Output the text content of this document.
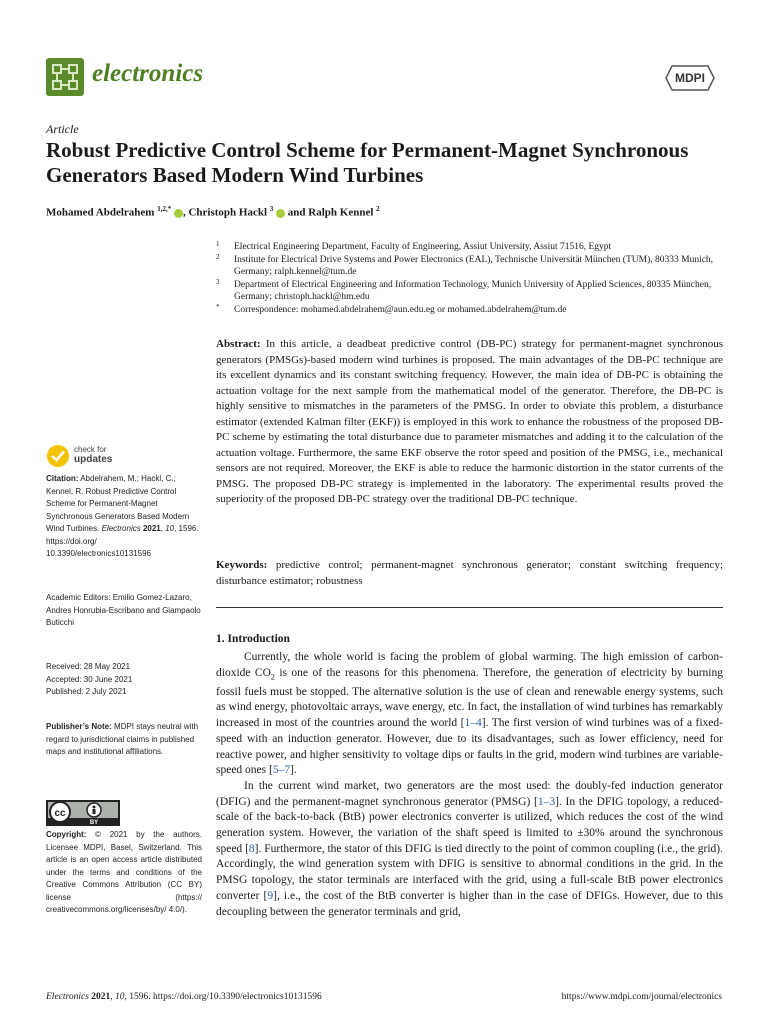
electronics	MDPI
Article
Robust Predictive Control Scheme for Permanent-Magnet Synchronous Generators Based Modern Wind Turbines
Mohamed Abdelrahem $^{1,2,*}$ , Christoph Hackl $^3$  and Ralph Kennel $^2$
1 Electrical Engineering Department, Faculty of Engineering, Assiut University, Assiut 71516, Egypt
2 Institute for Electrical Drive Systems and Power Electronics (EAL), Technische Universität München (TUM), 80333 Munich, Germany; ralph.kennel@tum.de
3 Department of Electrical Engineering and Information Technology, Munich University of Applied Sciences, 80335 München, Germany; christoph.hackl@hm.edu
* Correspondence: mohamed.abdelrahem@aun.edu.eg or mohamed.abdelrahem@tum.de
Abstract: In this article, a deadbeat predictive control (DB-PC) strategy for permanent-magnet synchronous generators (PMSGs)-based modern wind turbines is proposed. The main advantages of the DB-PC technique are its excellent dynamics and its constant switching frequency. However, the main idea of DB-PC is obtaining the actuation voltage for the next sample from the mathematical model of the generator. Therefore, the DB-PC is highly sensitive to mismatches in the parameters of the PMSG. In order to obviate this problem, a disturbance estimator (extended Kalman filter (EKF)) is employed in this work to enhance the robustness of the proposed DB-PC scheme by estimating the total disturbance due to parameter mismatches and adding it to the calculation of the actuation voltage. Furthermore, the same EKF observe the rotor speed and position of the PMSG, i.e., mechanical sensors are not required. Moreover, the EKF is able to reduce the harmonic distortion in the stator currents of the PMSG. The proposed DB-PC strategy is implemented in the laboratory. The experimental results proved the superiority of the proposed DB-PC strategy over the traditional DB-PC technique.
Keywords: predictive control; permanent-magnet synchronous generator; constant switching frequency; disturbance estimator; robustness
1. Introduction

Currently, the whole world is facing the problem of global warming. The high emission of carbon-dioxide $CO_2$ is one of the reasons for this phenomena. Therefore, the generation of electricity by burning fossil fuels must be stopped. The alternative solution is the use of clean and renewable energy systems, such as wind energy, photovoltaic arrays, wave energy, etc. In fact, the installation of wind turbines has remarkably increased in most of the countries around the world [1–4]. The first version of wind turbines was of a fixed-speed with an induction generator. However, due to its disadvantages, such as lower efficiency, need for reactive power, and higher sensitivity to voltage dips or faults in the grid, modern wind turbines are variable-speed ones [5–7].

In the current wind market, two generators are the most used: the doubly-fed induction generator (DFIG) and the permanent-magnet synchronous generator (PMSG) [1–3]. In the DFIG topology, a reduced-scale of the back-to-back (BtB) power electronics converter is utilized, which reduces the cost of the wind generation system. However, the variation of the shaft speed is limited to ±30% around the synchronous speed [8]. Furthermore, the stator of this DFIG is tied directly to the point of common coupling (i.e., the grid). Accordingly, the wind generation system with DFIG is sensitive to abnormal conditions in the grid. In the PMSG topology, the stator terminals are interfaced with the grid, using a full-scale BtB power electronics converter [9], i.e., the cost of the BtB converter is higher than in the case of DFIGs. However, due to this decoupling between the generator terminals and grid,

check for
updates
Citation: Abdelrahem, M.; Hackl, C.; Kennel, R. Robust Predictive Control Scheme for Permanent-Magnet Synchronous Generators Based Modern Wind Turbines. Electronics 2021, 10, 1596. https://doi.org/ 10.3390/electronics10131596
Academic Editors: Emilio Gomez-Lazaro, Andres Honrubia-Escribano and Giampaolo Buticchi
Received: 28 May 2021
Accepted: 30 June 2021
Published: 2 July 2021
Publisher’s Note: MDPI stays neutral with regard to jurisdictional claims in published maps and institutional affiliations.
cc
BY
Copyright: © 2021 by the authors. Licensee MDPI, Basel, Switzerland. This article is an open access article distributed under the terms and conditions of the Creative Commons Attribution (CC BY) license (https:// creativecommons.org/licenses/by/ 4.0/).
Electronics 2021, 10, 1596. https://doi.org/10.3390/electronics10131596	https://www.mdpi.com/journal/electronics
